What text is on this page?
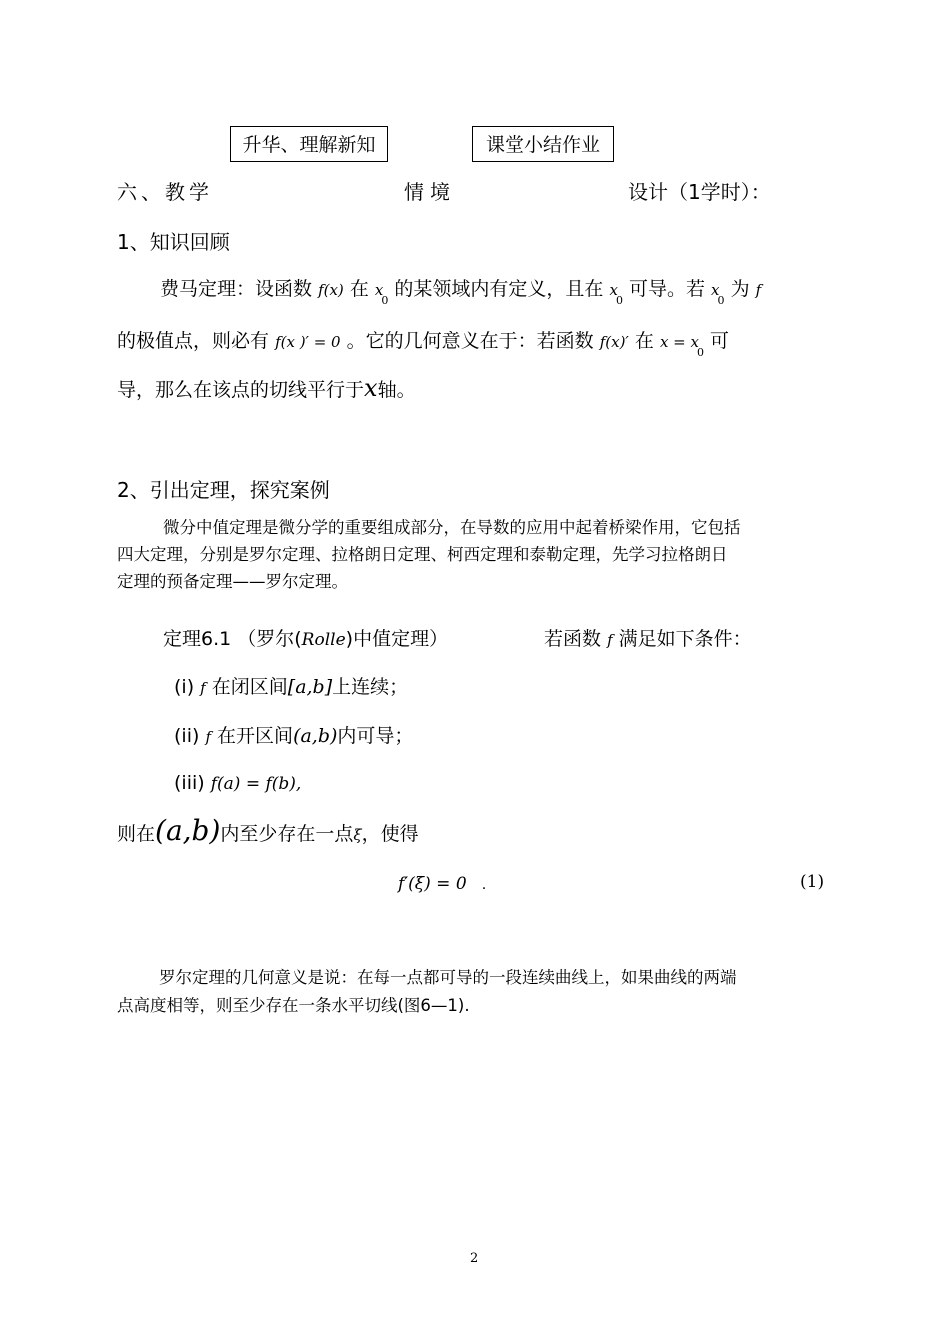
升华、理解新知	课堂小结作业
六、教学	情境	设计（1学时）：
1、知识回顾
费马定理：设函数 f(x) 在 $x_0$ 的某领域内有定义，且在 $x_0$ 可导。若 $x_0$ 为 f
的极值点，则必有 f(x )′ = 0 。它的几何意义在于：若函数 f(x)′ 在 $x = x_0$ 可
导，那么在该点的切线平行于x轴。
2、引出定理，探究案例
微分中值定理是微分学的重要组成部分，在导数的应用中起着桥梁作用，它包括
四大定理，分别是罗尔定理、拉格朗日定理、柯西定理和泰勒定理，先学习拉格朗日
定理的预备定理——罗尔定理。
定理6.1 （罗尔(Rolle)中值定理）	若函数 f 满足如下条件：
(i) f 在闭区间[a,b]上连续；
(ii) f 在开区间(a,b)内可导；
(iii) f(a) = f(b),
则在(a,b)内至少存在一点ξ，使得
f′(ξ) = 0 .	(1)
罗尔定理的几何意义是说：在每一点都可导的一段连续曲线上，如果曲线的两端
点高度相等，则至少存在一条水平切线(图6—1).
2
